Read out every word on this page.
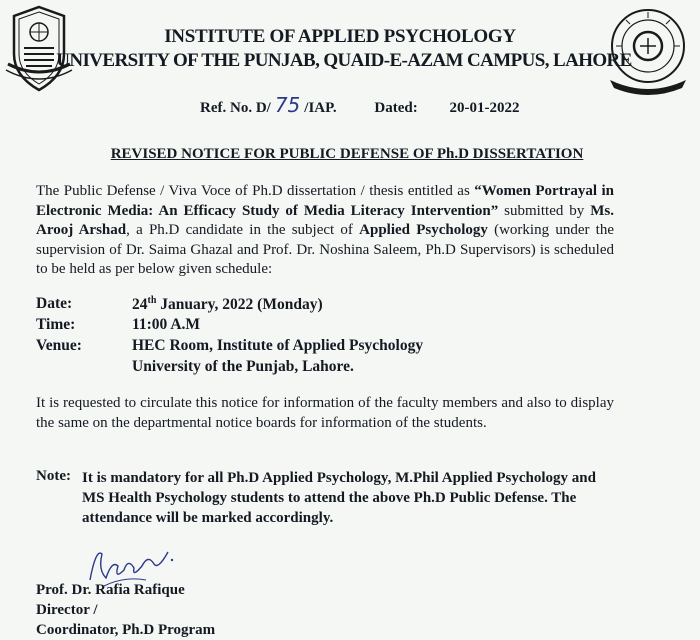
INSTITUTE OF APPLIED PSYCHOLOGY
UNIVERSITY OF THE PUNJAB, QUAID-E-AZAM CAMPUS, LAHORE
Ref. No. D/ 75 /IAP.	Dated: 20-01-2022
REVISED NOTICE FOR PUBLIC DEFENSE OF Ph.D DISSERTATION
The Public Defense / Viva Voce of Ph.D dissertation / thesis entitled as “Women Portrayal in Electronic Media: An Efficacy Study of Media Literacy Intervention” submitted by Ms. Arooj Arshad, a Ph.D candidate in the subject of Applied Psychology (working under the supervision of Dr. Saima Ghazal and Prof. Dr. Noshina Saleem, Ph.D Supervisors) is scheduled to be held as per below given schedule:
Date:	24th January, 2022 (Monday)
Time:	11:00 A.M
Venue:	HEC Room, Institute of Applied Psychology
University of the Punjab, Lahore.
It is requested to circulate this notice for information of the faculty members and also to display the same on the departmental notice boards for information of the students.
Note: It is mandatory for all Ph.D Applied Psychology, M.Phil Applied Psychology and MS Health Psychology students to attend the above Ph.D Public Defense. The attendance will be marked accordingly.
Prof. Dr. Rafia Rafique
Director /
Coordinator, Ph.D Program
